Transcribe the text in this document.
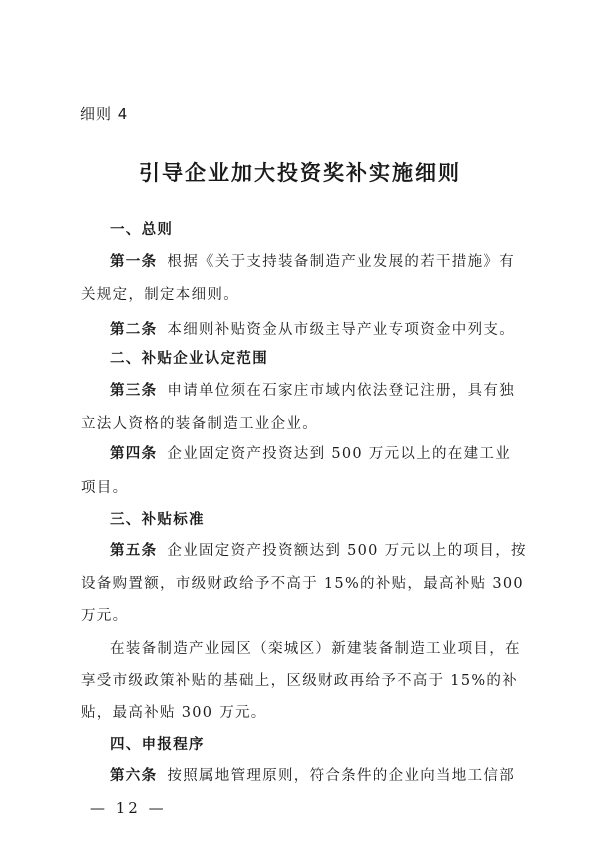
细则 4
引导企业加大投资奖补实施细则
一、总则
第一条 根据《关于支持装备制造产业发展的若干措施》有
关规定，制定本细则。
第二条 本细则补贴资金从市级主导产业专项资金中列支。
二、补贴企业认定范围
第三条 申请单位须在石家庄市域内依法登记注册，具有独
立法人资格的装备制造工业企业。
第四条 企业固定资产投资达到 500 万元以上的在建工业
项目。
三、补贴标准
第五条 企业固定资产投资额达到 500 万元以上的项目，按
设备购置额，市级财政给予不高于 15%的补贴，最高补贴 300
万元。
在装备制造产业园区（栾城区）新建装备制造工业项目，在
享受市级政策补贴的基础上，区级财政再给予不高于 15%的补
贴，最高补贴 300 万元。
四、申报程序
第六条 按照属地管理原则，符合条件的企业向当地工信部
— 12 —
